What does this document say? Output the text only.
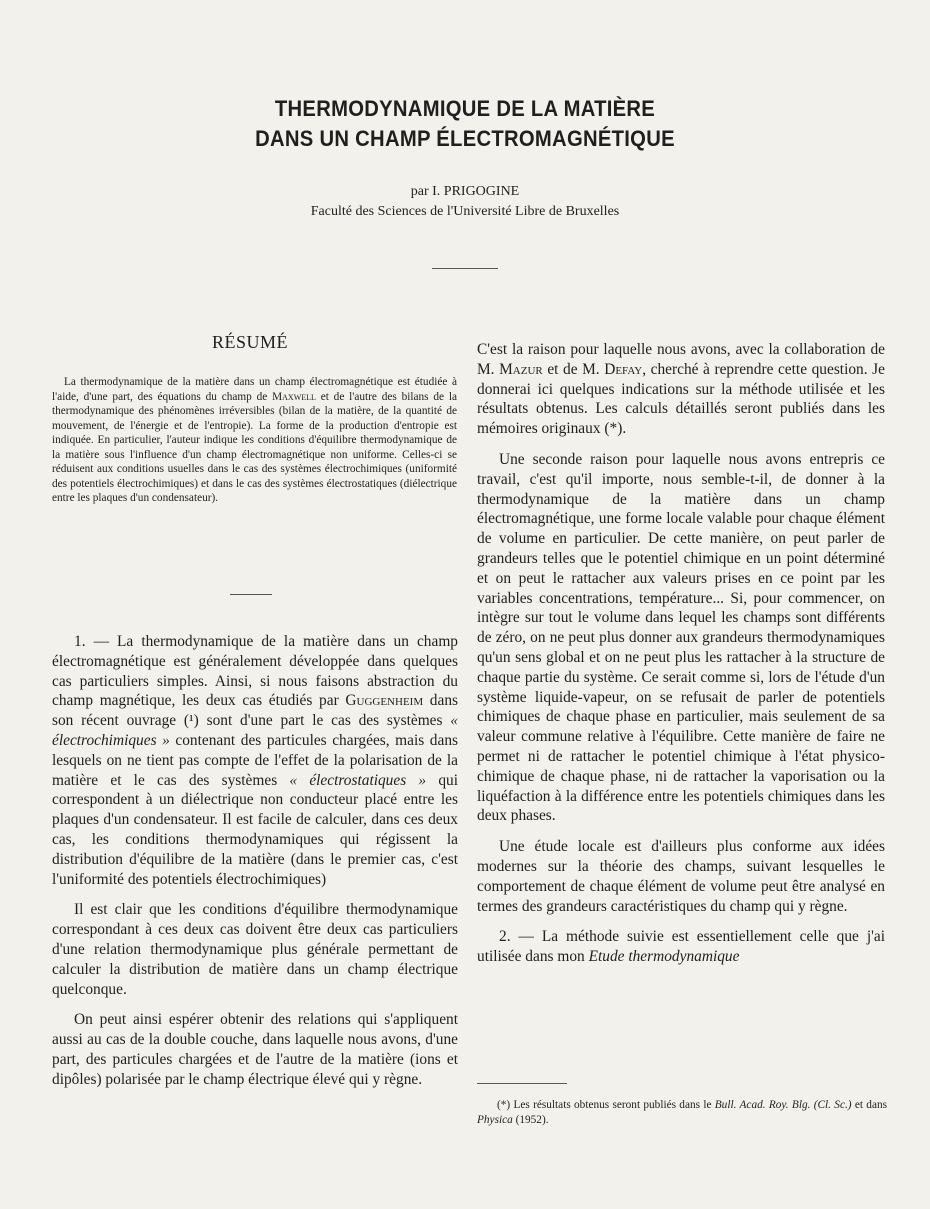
THERMODYNAMIQUE DE LA MATIÈRE
DANS UN CHAMP ÉLECTROMAGNÉTIQUE
par I. PRIGOGINE
Faculté des Sciences de l'Université Libre de Bruxelles
RÉSUMÉ
La thermodynamique de la matière dans un champ électromagnétique est étudiée à l'aide, d'une part, des équations du champ de Maxwell et de l'autre des bilans de la thermodynamique des phénomènes irréversibles (bilan de la matière, de la quantité de mouvement, de l'énergie et de l'entropie). La forme de la production d'entropie est indiquée. En particulier, l'auteur indique les conditions d'équilibre thermodynamique de la matière sous l'influence d'un champ électromagnétique non uniforme. Celles-ci se réduisent aux conditions usuelles dans le cas des systèmes électrochimiques (uniformité des potentiels électrochimiques) et dans le cas des systèmes électrostatiques (diélectrique entre les plaques d'un condensateur).

1. — La thermodynamique de la matière dans un champ électromagnétique est généralement développée dans quelques cas particuliers simples. Ainsi, si nous faisons abstraction du champ magnétique, les deux cas étudiés par Guggenheim dans son récent ouvrage (¹) sont d'une part le cas des systèmes « électrochimiques » contenant des particules chargées, mais dans lesquels on ne tient pas compte de l'effet de la polarisation de la matière et le cas des systèmes « électrostatiques » qui correspondent à un diélectrique non conducteur placé entre les plaques d'un condensateur. Il est facile de calculer, dans ces deux cas, les conditions thermodynamiques qui régissent la distribution d'équilibre de la matière (dans le premier cas, c'est l'uniformité des potentiels électrochimiques)

Il est clair que les conditions d'équilibre thermodynamique correspondant à ces deux cas doivent être deux cas particuliers d'une relation thermodynamique plus générale permettant de calculer la distribution de matière dans un champ électrique quelconque.

On peut ainsi espérer obtenir des relations qui s'appliquent aussi au cas de la double couche, dans laquelle nous avons, d'une part, des particules chargées et de l'autre de la matière (ions et dipôles) polarisée par le champ électrique élevé qui y règne.

C'est la raison pour laquelle nous avons, avec la collaboration de M. Mazur et de M. Defay, cherché à reprendre cette question. Je donnerai ici quelques indications sur la méthode utilisée et les résultats obtenus. Les calculs détaillés seront publiés dans les mémoires originaux (*).

Une seconde raison pour laquelle nous avons entrepris ce travail, c'est qu'il importe, nous semble-t-il, de donner à la thermodynamique de la matière dans un champ électromagnétique, une forme locale valable pour chaque élément de volume en particulier. De cette manière, on peut parler de grandeurs telles que le potentiel chimique en un point déterminé et on peut le rattacher aux valeurs prises en ce point par les variables concentrations, température... Si, pour commencer, on intègre sur tout le volume dans lequel les champs sont différents de zéro, on ne peut plus donner aux grandeurs thermodynamiques qu'un sens global et on ne peut plus les rattacher à la structure de chaque partie du système. Ce serait comme si, lors de l'étude d'un système liquide-vapeur, on se refusait de parler de potentiels chimiques de chaque phase en particulier, mais seulement de sa valeur commune relative à l'équilibre. Cette manière de faire ne permet ni de rattacher le potentiel chimique à l'état physico-chimique de chaque phase, ni de rattacher la vaporisation ou la liquéfaction à la différence entre les potentiels chimiques dans les deux phases.

Une étude locale est d'ailleurs plus conforme aux idées modernes sur la théorie des champs, suivant lesquelles le comportement de chaque élément de volume peut être analysé en termes des grandeurs caractéristiques du champ qui y règne.

2. — La méthode suivie est essentiellement celle que j'ai utilisée dans mon Etude thermodynamique

(*) Les résultats obtenus seront publiés dans le Bull. Acad. Roy. Blg. (Cl. Sc.) et dans Physica (1952).
